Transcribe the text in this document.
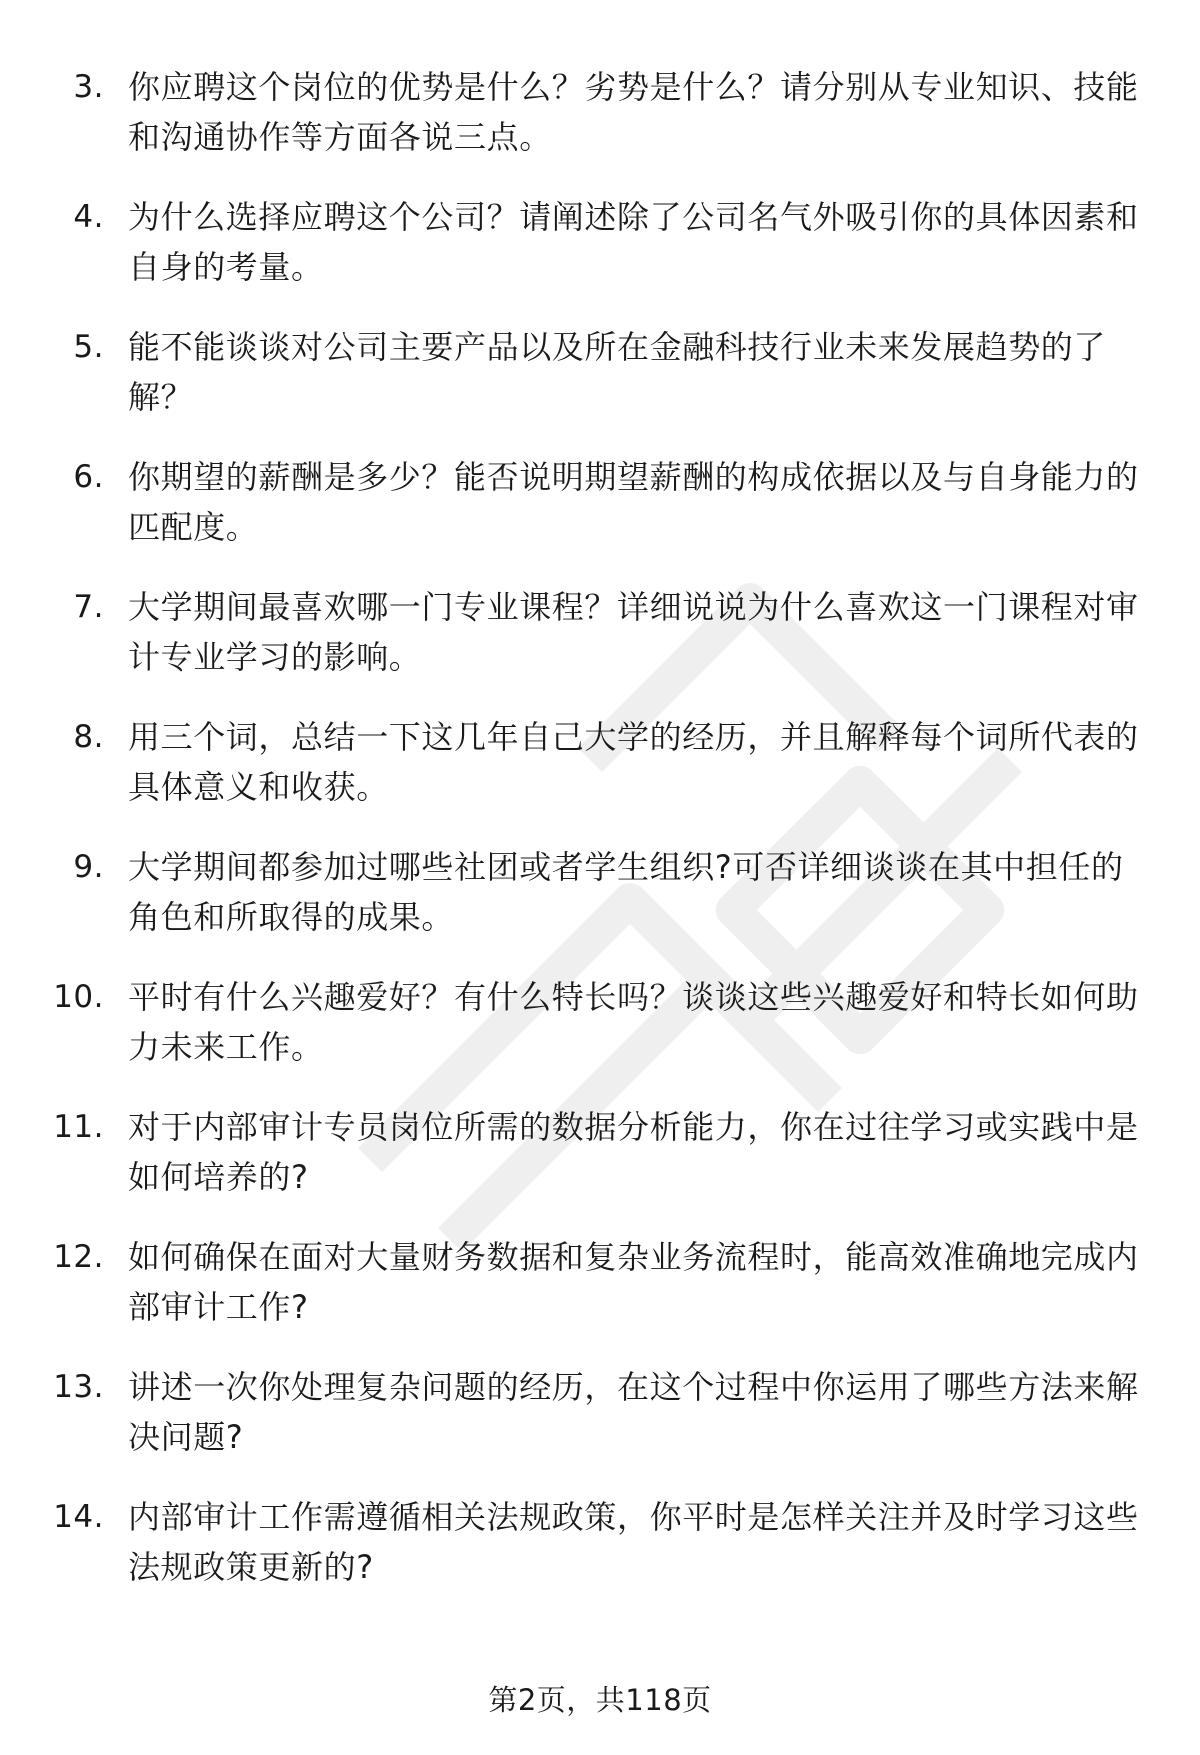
3. 你应聘这个岗位的优势是什么？劣势是什么？请分别从专业知识、技能和沟通协作等方面各说三点。
4. 为什么选择应聘这个公司？请阐述除了公司名气外吸引你的具体因素和自身的考量。
5. 能不能谈谈对公司主要产品以及所在金融科技行业未来发展趋势的了解？
6. 你期望的薪酬是多少？能否说明期望薪酬的构成依据以及与自身能力的匹配度。
7. 大学期间最喜欢哪一门专业课程？详细说说为什么喜欢这一门课程对审计专业学习的影响。
8. 用三个词，总结一下这几年自己大学的经历，并且解释每个词所代表的具体意义和收获。
9. 大学期间都参加过哪些社团或者学生组织?可否详细谈谈在其中担任的角色和所取得的成果。
10. 平时有什么兴趣爱好？有什么特长吗？谈谈这些兴趣爱好和特长如何助力未来工作。
11. 对于内部审计专员岗位所需的数据分析能力，你在过往学习或实践中是如何培养的?
12. 如何确保在面对大量财务数据和复杂业务流程时，能高效准确地完成内部审计工作?
13. 讲述一次你处理复杂问题的经历，在这个过程中你运用了哪些方法来解决问题?
14. 内部审计工作需遵循相关法规政策，你平时是怎样关注并及时学习这些法规政策更新的?
第2页，共118页
